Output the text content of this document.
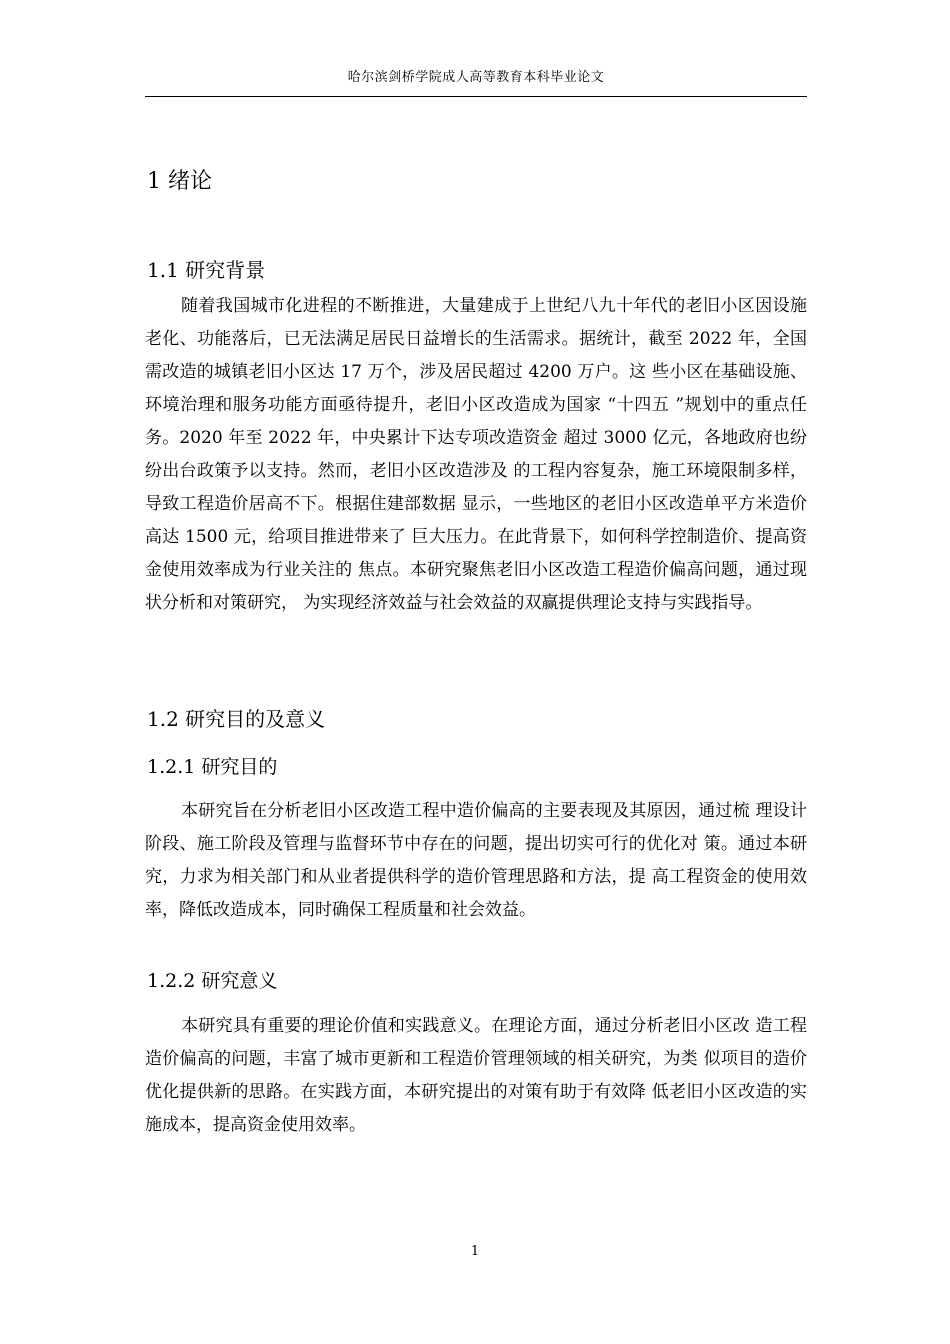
哈尔滨剑桥学院成人高等教育本科毕业论文
1 绪论
1.1 研究背景
随着我国城市化进程的不断推进，大量建成于上世纪八九十年代的老旧小区因设施老化、功能落后，已无法满足居民日益增长的生活需求。据统计，截至 2022 年，全国需改造的城镇老旧小区达 17 万个，涉及居民超过 4200 万户。这 些小区在基础设施、环境治理和服务功能方面亟待提升，老旧小区改造成为国家 “十四五 ”规划中的重点任务。2020 年至 2022 年，中央累计下达专项改造资金 超过 3000 亿元，各地政府也纷纷出台政策予以支持。然而，老旧小区改造涉及 的工程内容复杂，施工环境限制多样，导致工程造价居高不下。根据住建部数据 显示，一些地区的老旧小区改造单平方米造价高达 1500 元，给项目推进带来了 巨大压力。在此背景下，如何科学控制造价、提高资金使用效率成为行业关注的 焦点。本研究聚焦老旧小区改造工程造价偏高问题，通过现状分析和对策研究， 为实现经济效益与社会效益的双赢提供理论支持与实践指导。
1.2 研究目的及意义
1.2.1 研究目的
本研究旨在分析老旧小区改造工程中造价偏高的主要表现及其原因，通过梳 理设计阶段、施工阶段及管理与监督环节中存在的问题，提出切实可行的优化对 策。通过本研究，力求为相关部门和从业者提供科学的造价管理思路和方法，提 高工程资金的使用效率，降低改造成本，同时确保工程质量和社会效益。
1.2.2 研究意义
本研究具有重要的理论价值和实践意义。在理论方面，通过分析老旧小区改 造工程造价偏高的问题，丰富了城市更新和工程造价管理领域的相关研究，为类 似项目的造价优化提供新的思路。在实践方面，本研究提出的对策有助于有效降 低老旧小区改造的实施成本，提高资金使用效率。
1
